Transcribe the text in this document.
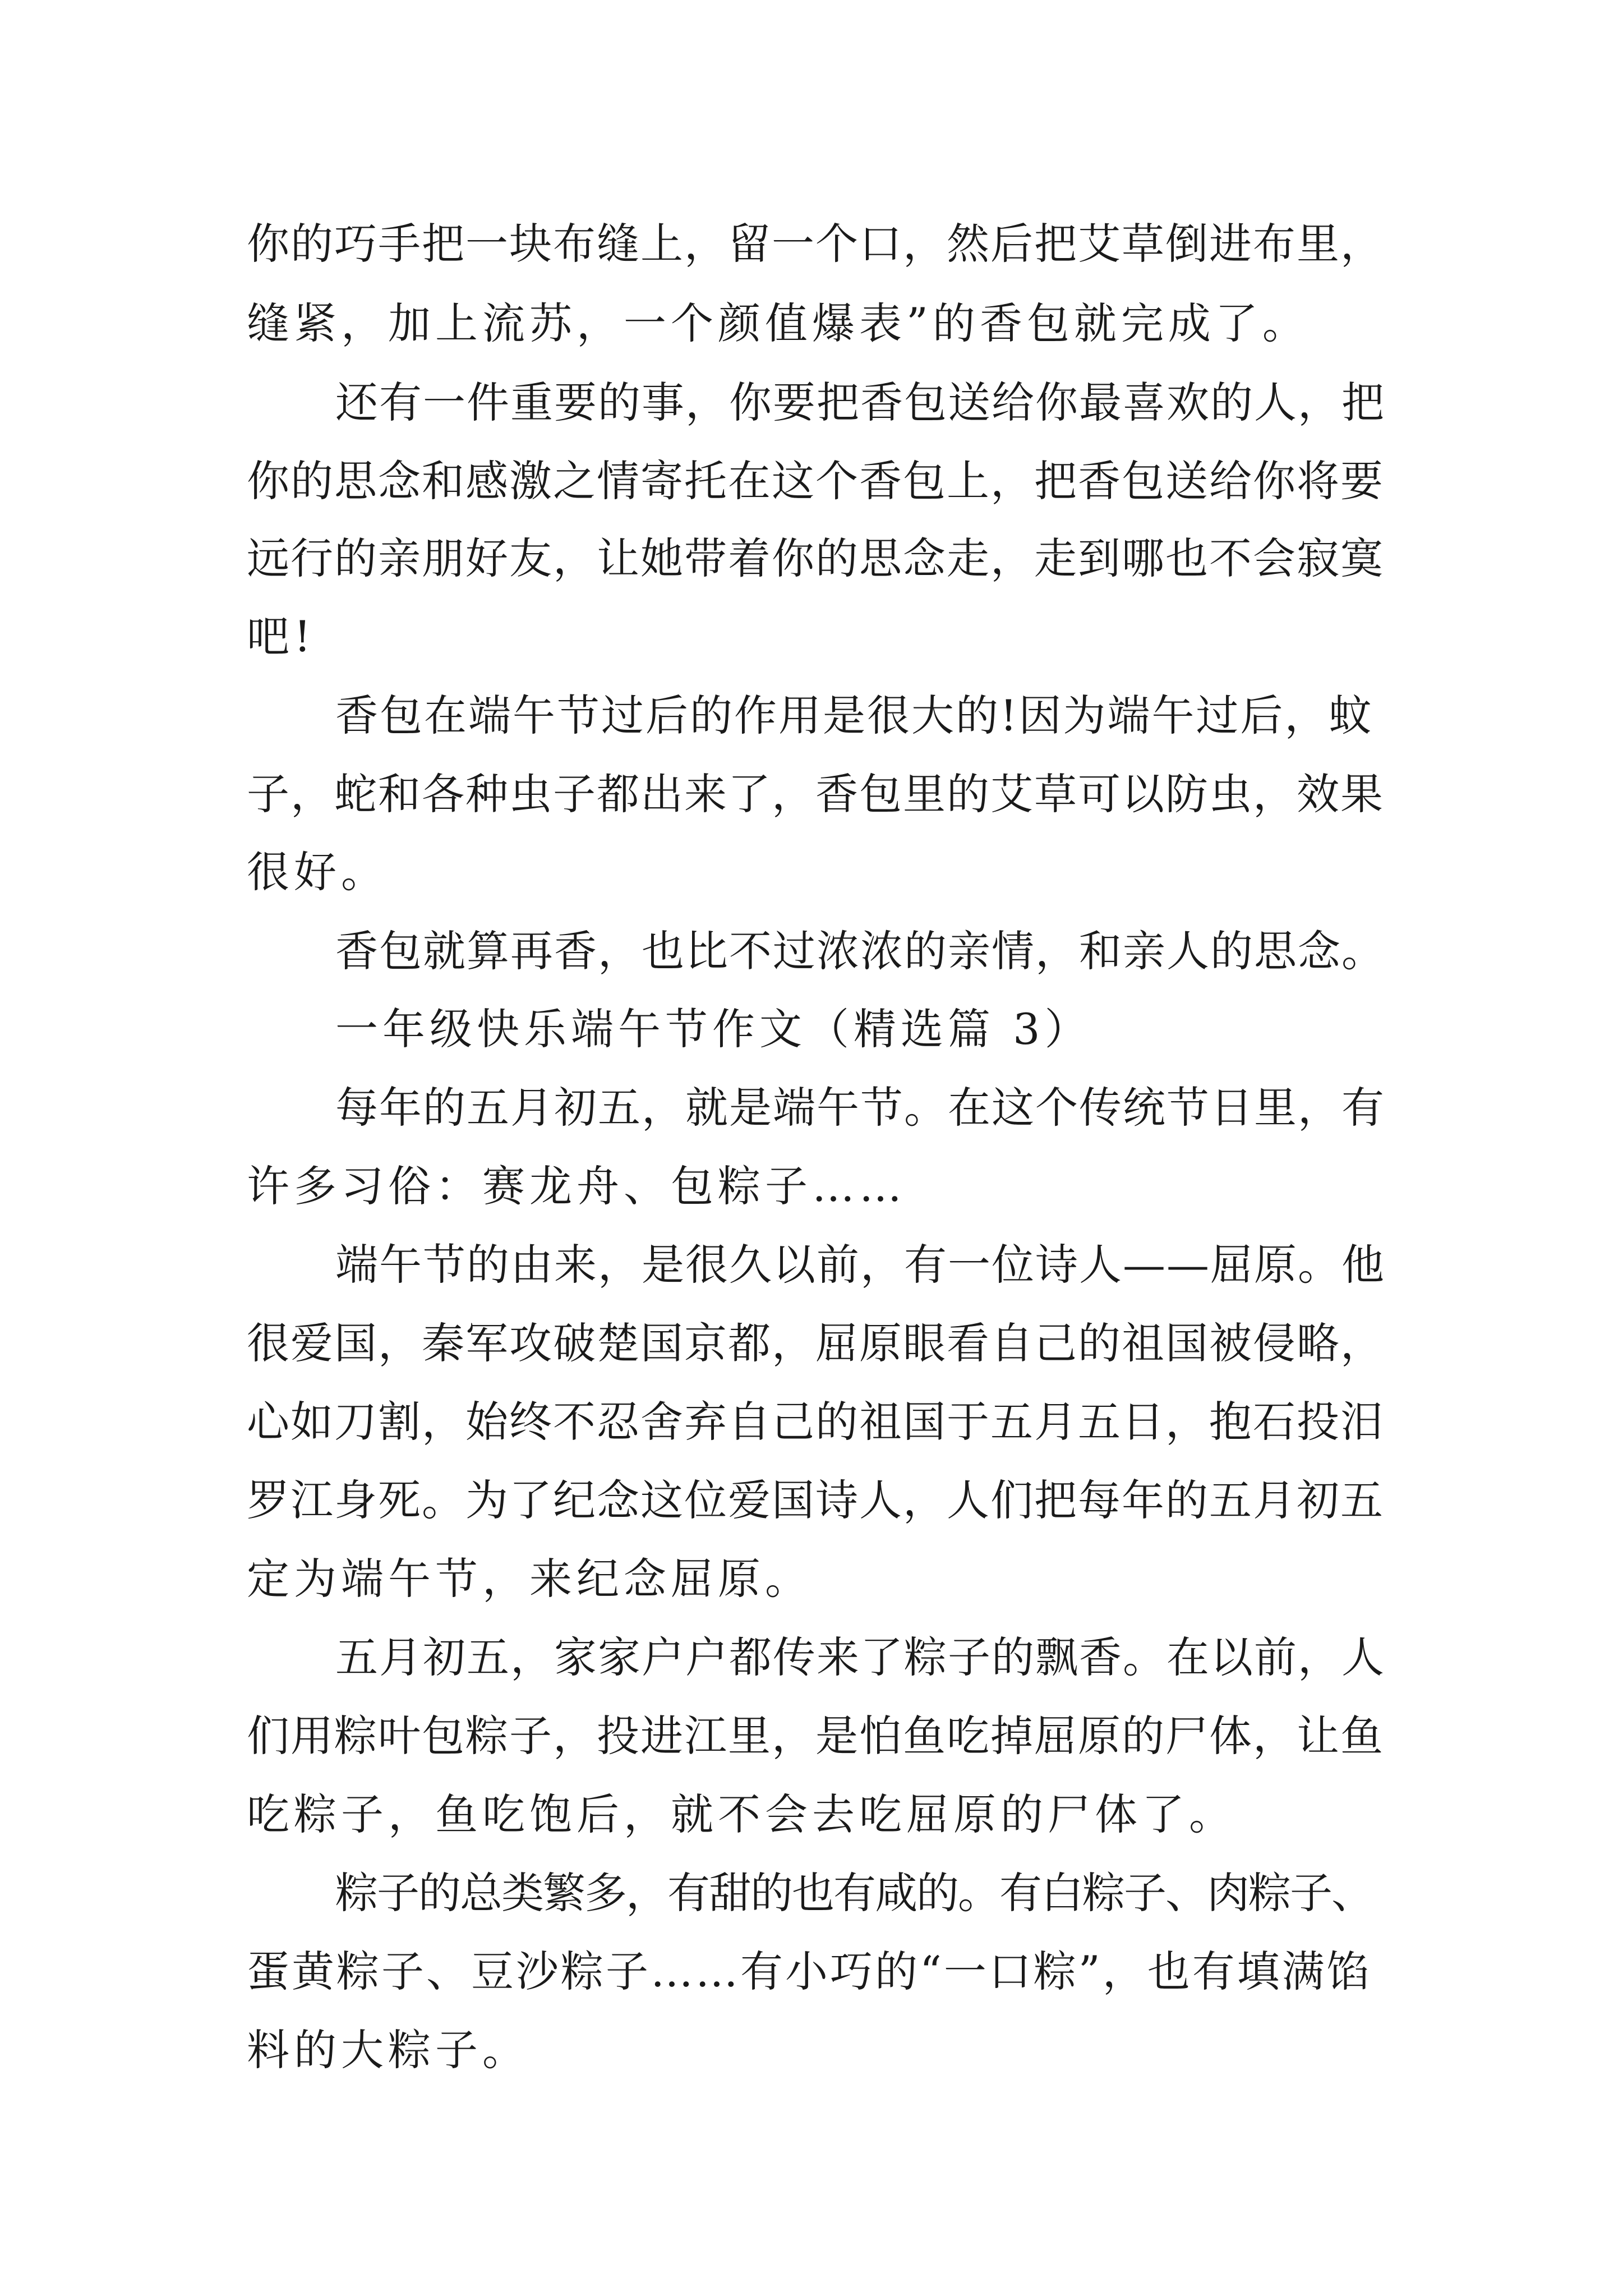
你的巧手把一块布缝上，留一个口，然后把艾草倒进布里，

缝紧，加上流苏，一个颜值爆表”的香包就完成了。

还有一件重要的事，你要把香包送给你最喜欢的人，把

你的思念和感激之情寄托在这个香包上，把香包送给你将要

远行的亲朋好友，让她带着你的思念走，走到哪也不会寂寞

吧!

香包在端午节过后的作用是很大的!因为端午过后，蚊

子，蛇和各种虫子都出来了，香包里的艾草可以防虫，效果

很好。

香包就算再香，也比不过浓浓的亲情，和亲人的思念。

一年级快乐端午节作文（精选篇 3）

每年的五月初五，就是端午节。在这个传统节日里，有

许多习俗：赛龙舟、包粽子……

端午节的由来，是很久以前，有一位诗人——屈原。他

很爱国，秦军攻破楚国京都，屈原眼看自己的祖国被侵略，

心如刀割，始终不忍舍弃自己的祖国于五月五日，抱石投汨

罗江身死。为了纪念这位爱国诗人，人们把每年的五月初五

定为端午节，来纪念屈原。

五月初五，家家户户都传来了粽子的飘香。在以前，人

们用粽叶包粽子，投进江里，是怕鱼吃掉屈原的尸体，让鱼

吃粽子，鱼吃饱后，就不会去吃屈原的尸体了。

粽子的总类繁多，有甜的也有咸的。有白粽子、肉粽子、

蛋黄粽子、豆沙粽子……有小巧的“一口粽”，也有填满馅

料的大粽子。
